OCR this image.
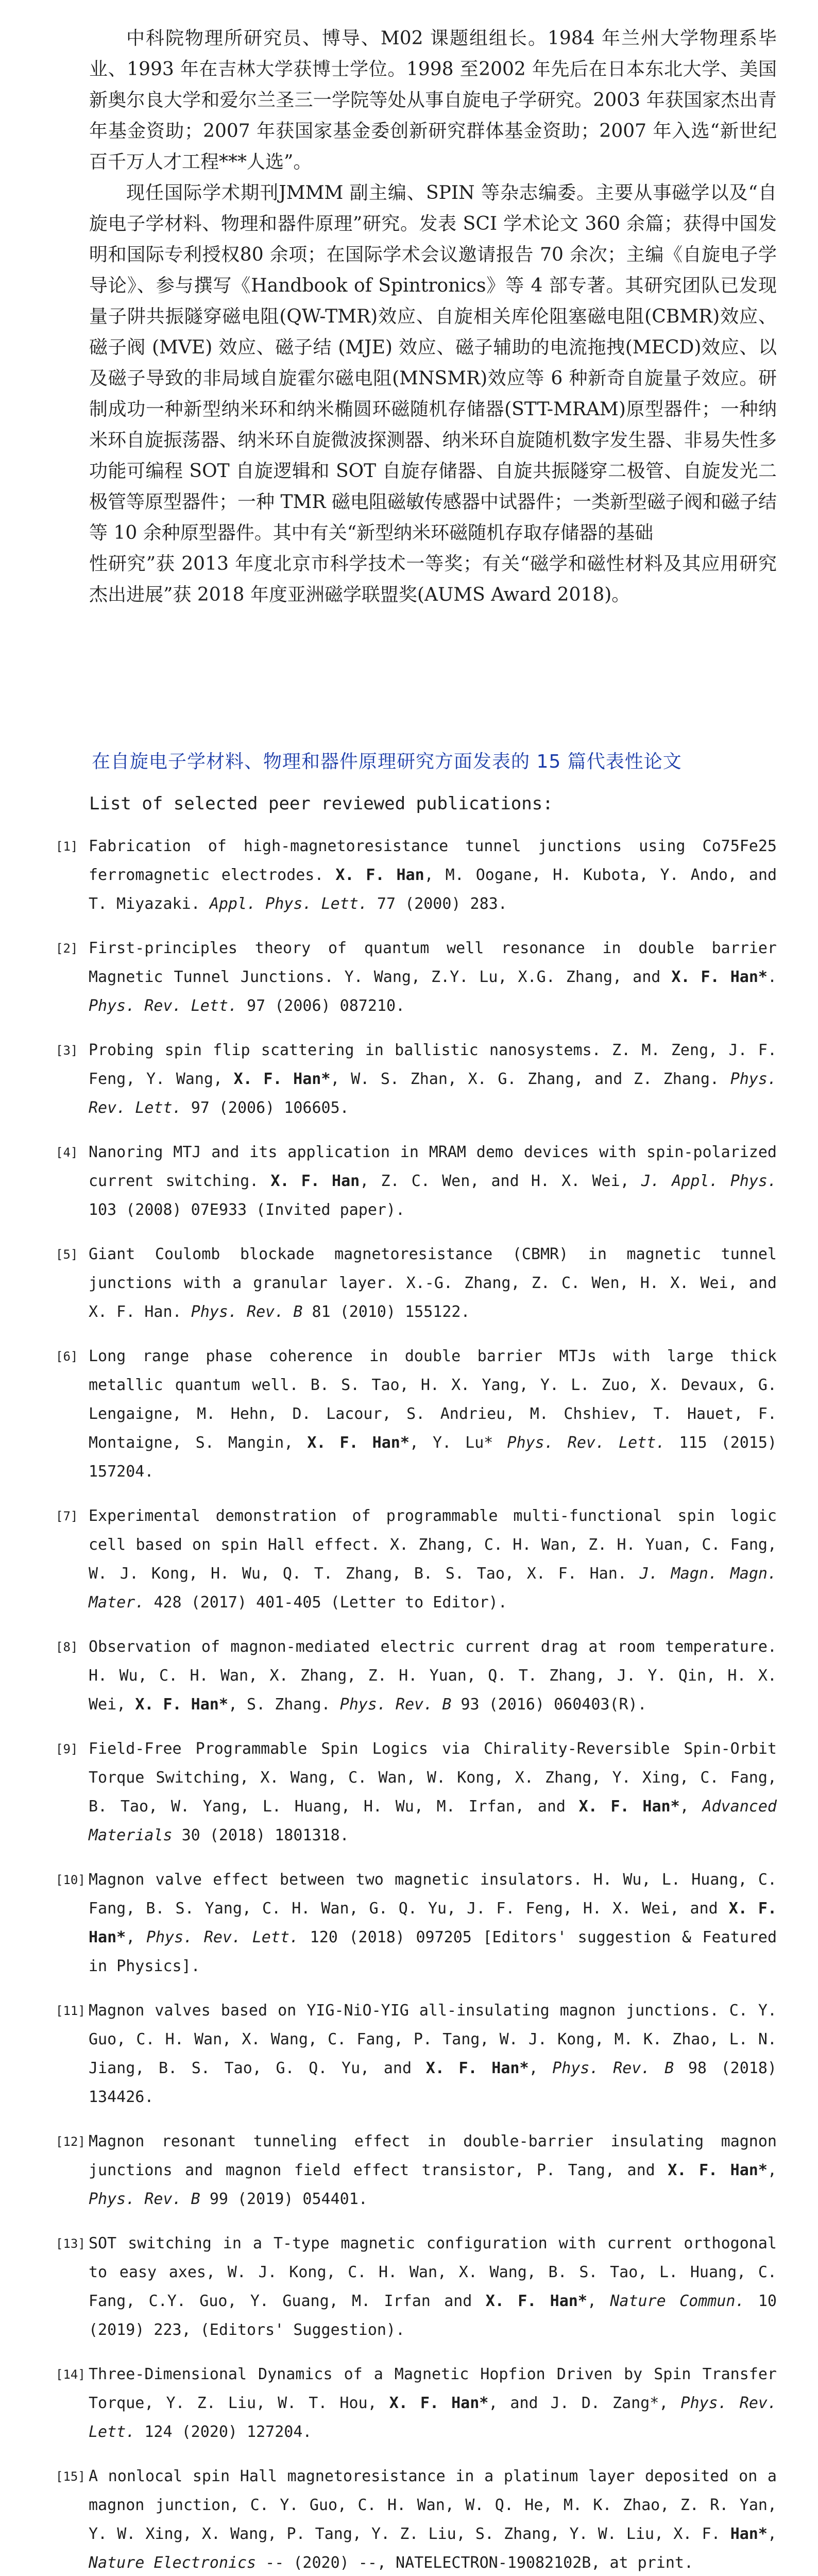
中科院物理所研究员、博导、M02 课题组组长。1984 年兰州大学物理系毕业、1993 年在吉林大学获博士学位。1998 至2002 年先后在日本东北大学、美国新奥尔良大学和爱尔兰圣三一学院等处从事自旋电子学研究。2003 年获国家杰出青年基金资助；2007 年获国家基金委创新研究群体基金资助；2007 年入选“新世纪百千万人才工程***人选”。

现任国际学术期刊JMMM 副主编、SPIN 等杂志编委。主要从事磁学以及“自旋电子学材料、物理和器件原理”研究。发表 SCI 学术论文 360 余篇；获得中国发明和国际专利授权80 余项；在国际学术会议邀请报告 70 余次；主编《自旋电子学导论》、参与撰写《Handbook of Spintronics》等 4 部专著。其研究团队已发现量子阱共振隧穿磁电阻(QW-TMR)效应、自旋相关库伦阻塞磁电阻(CBMR)效应、磁子阀 (MVE) 效应、磁子结 (MJE) 效应、磁子辅助的电流拖拽(MECD)效应、以及磁子导致的非局域自旋霍尔磁电阻(MNSMR)效应等 6 种新奇自旋量子效应。研制成功一种新型纳米环和纳米椭圆环磁随机存储器(STT-MRAM)原型器件；一种纳米环自旋振荡器、纳米环自旋微波探测器、纳米环自旋随机数字发生器、非易失性多功能可编程 SOT 自旋逻辑和 SOT 自旋存储器、自旋共振隧穿二极管、自旋发光二极管等原型器件；一种 TMR 磁电阻磁敏传感器中试器件；一类新型磁子阀和磁子结等 10 余种原型器件。其中有关“新型纳米环磁随机存取存储器的基础

性研究”获 2013 年度北京市科学技术一等奖；有关“磁学和磁性材料及其应用研究杰出进展”获 2018 年度亚洲磁学联盟奖(AUMS Award 2018)。

在自旋电子学材料、物理和器件原理研究方面发表的 15 篇代表性论文
List of selected peer reviewed publications:
[1] Fabrication of high-magnetoresistance tunnel junctions using Co75Fe25 ferromagnetic electrodes. X. F. Han, M. Oogane, H. Kubota, Y. Ando, and T. Miyazaki. Appl. Phys. Lett. 77 (2000) 283.
[2] First-principles theory of quantum well resonance in double barrier Magnetic Tunnel Junctions. Y. Wang, Z.Y. Lu, X.G. Zhang, and X. F. Han*. Phys. Rev. Lett. 97 (2006) 087210.
[3] Probing spin flip scattering in ballistic nanosystems. Z. M. Zeng, J. F. Feng, Y. Wang, X. F. Han*, W. S. Zhan, X. G. Zhang, and Z. Zhang. Phys. Rev. Lett. 97 (2006) 106605.
[4] Nanoring MTJ and its application in MRAM demo devices with spin-polarized current switching. X. F. Han, Z. C. Wen, and H. X. Wei, J. Appl. Phys. 103 (2008) 07E933 (Invited paper).
[5] Giant Coulomb blockade magnetoresistance (CBMR) in magnetic tunnel junctions with a granular layer. X.-G. Zhang, Z. C. Wen, H. X. Wei, and X. F. Han. Phys. Rev. B 81 (2010) 155122.
[6] Long range phase coherence in double barrier MTJs with large thick metallic quantum well. B. S. Tao, H. X. Yang, Y. L. Zuo, X. Devaux, G. Lengaigne, M. Hehn, D. Lacour, S. Andrieu, M. Chshiev, T. Hauet, F. Montaigne, S. Mangin, X. F. Han*, Y. Lu* Phys. Rev. Lett. 115 (2015) 157204.
[7] Experimental demonstration of programmable multi-functional spin logic cell based on spin Hall effect. X. Zhang, C. H. Wan, Z. H. Yuan, C. Fang, W. J. Kong, H. Wu, Q. T. Zhang, B. S. Tao, X. F. Han. J. Magn. Magn. Mater. 428 (2017) 401-405 (Letter to Editor).
[8] Observation of magnon-mediated electric current drag at room temperature. H. Wu, C. H. Wan, X. Zhang, Z. H. Yuan, Q. T. Zhang, J. Y. Qin, H. X. Wei, X. F. Han*, S. Zhang. Phys. Rev. B 93 (2016) 060403(R).
[9] Field-Free Programmable Spin Logics via Chirality-Reversible Spin-Orbit Torque Switching, X. Wang, C. Wan, W. Kong, X. Zhang, Y. Xing, C. Fang, B. Tao, W. Yang, L. Huang, H. Wu, M. Irfan, and X. F. Han*, Advanced Materials 30 (2018) 1801318.
[10] Magnon valve effect between two magnetic insulators. H. Wu, L. Huang, C. Fang, B. S. Yang, C. H. Wan, G. Q. Yu, J. F. Feng, H. X. Wei, and X. F. Han*, Phys. Rev. Lett. 120 (2018) 097205 [Editors' suggestion & Featured in Physics].
[11] Magnon valves based on YIG-NiO-YIG all-insulating magnon junctions. C. Y. Guo, C. H. Wan, X. Wang, C. Fang, P. Tang, W. J. Kong, M. K. Zhao, L. N. Jiang, B. S. Tao, G. Q. Yu, and X. F. Han*, Phys. Rev. B 98 (2018) 134426.
[12] Magnon resonant tunneling effect in double-barrier insulating magnon junctions and magnon field effect transistor, P. Tang, and X. F. Han*, Phys. Rev. B 99 (2019) 054401.
[13] SOT switching in a T-type magnetic configuration with current orthogonal to easy axes, W. J. Kong, C. H. Wan, X. Wang, B. S. Tao, L. Huang, C. Fang, C.Y. Guo, Y. Guang, M. Irfan and X. F. Han*, Nature Commun. 10 (2019) 223, (Editors' Suggestion).
[14] Three-Dimensional Dynamics of a Magnetic Hopfion Driven by Spin Transfer Torque, Y. Z. Liu, W. T. Hou, X. F. Han*, and J. D. Zang*, Phys. Rev. Lett. 124 (2020) 127204.
[15] A nonlocal spin Hall magnetoresistance in a platinum layer deposited on a magnon junction, C. Y. Guo, C. H. Wan, W. Q. He, M. K. Zhao, Z. R. Yan, Y. W. Xing, X. Wang, P. Tang, Y. Z. Liu, S. Zhang, Y. W. Liu, X. F. Han*, Nature Electronics -- (2020) --, NATELECTRON-19082102B, at print.
